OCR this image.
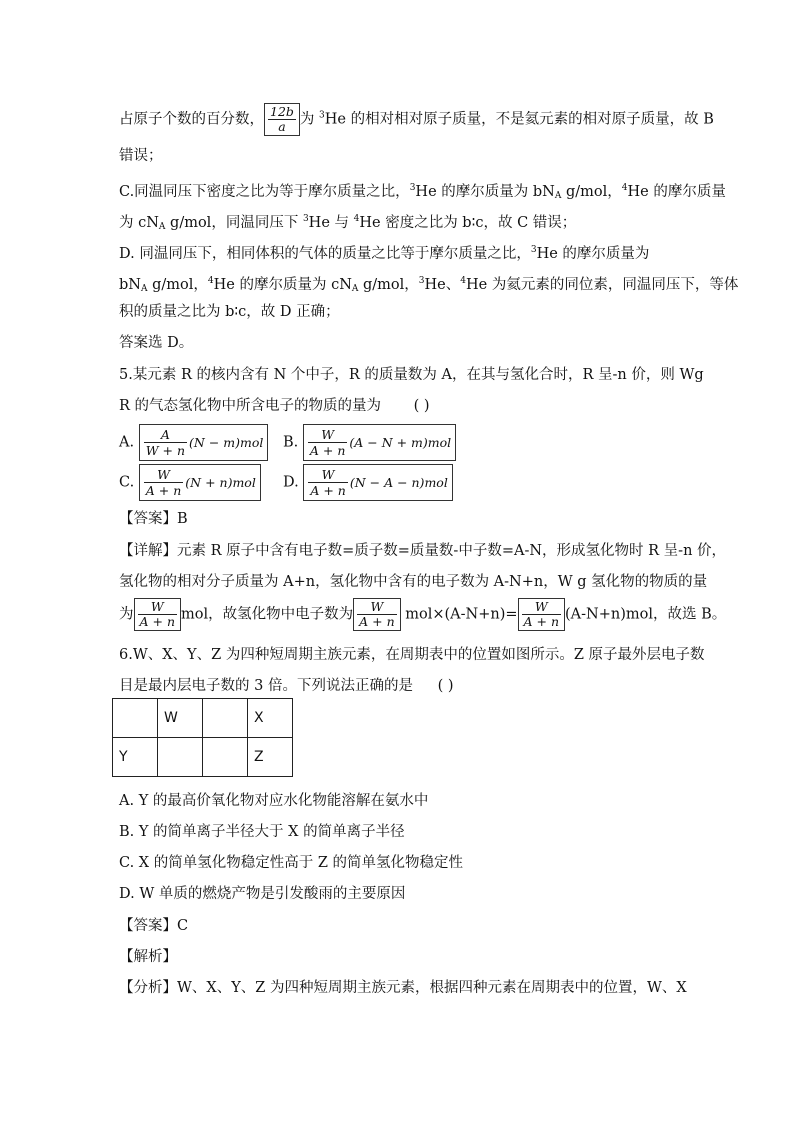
占原子个数的百分数， $\frac{12b}{a}$ 为 $^3$He 的相对相对原子质量，不是氦元素的相对原子质量，故 B
错误；
C.同温同压下密度之比为等于摩尔质量之比，$^3$He 的摩尔质量为 $bN_A$ g/mol，$^4$He 的摩尔质量
为 $cN_A$ g/mol，同温同压下 $^3$He 与 $^4$He 密度之比为 b∶c，故 C 错误；
D. 同温同压下，相同体积的气体的质量之比等于摩尔质量之比，$^3$He 的摩尔质量为
$bN_A$ g/mol，$^4$He 的摩尔质量为 $cN_A$ g/mol，$^3$He、$^4$He 为氦元素的同位素，同温同压下，等体
积的质量之比为 b∶c，故 D 正确；
答案选 D。
5.某元素 R 的核内含有 N 个中子，R 的质量数为 A，在其与氢化合时，R 呈-n 价，则 Wg
R 的气态氢化物中所含电子的物质的量为 ( )
A. $\frac{A}{W + n} (N - m)mol$ B. $\frac{W}{A + n} (A - N + m)mol$
C. $\frac{W}{A + n} (N + n)mol$ D. $\frac{W}{A + n} (N - A - n)mol$
【答案】B
【详解】元素 R 原子中含有电子数=质子数=质量数-中子数=A-N，形成氢化物时 R 呈-n 价，
氢化物的相对分子质量为 A+n，氢化物中含有的电子数为 A-N+n，W g 氢化物的物质的量
为 $\frac{W}{A + n}$ mol，故氢化物中电子数为 $\frac{W}{A + n} mol\times(A-N+n)= \frac{W}{A + n} (A-N+n)mol$，故选 B。
6.W、X、Y、Z 为四种短周期主族元素，在周期表中的位置如图所示。Z 原子最外层电子数
目是最内层电子数的 3 倍。下列说法正确的是 ( )
	W		X
Y			Z
A. Y 的最高价氧化物对应水化物能溶解在氨水中
B. Y 的简单离子半径大于 X 的简单离子半径
C. X 的简单氢化物稳定性高于 Z 的简单氢化物稳定性
D. W 单质的燃烧产物是引发酸雨的主要原因
【答案】C
【解析】
【分析】W、X、Y、Z 为四种短周期主族元素，根据四种元素在周期表中的位置，W、X
